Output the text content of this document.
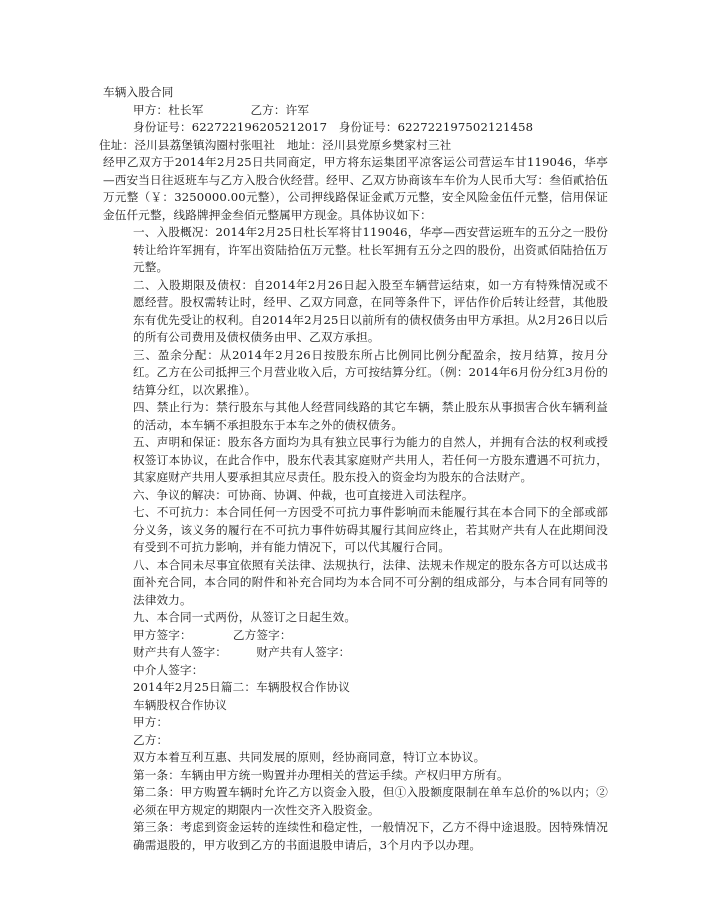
车辆入股合同

甲方：杜长军　　　　乙方：许军

身份证号：622722196205212017　身份证号：622722197502121458

住址：泾川县荔堡镇沟圈村张咀社　地址：泾川县党原乡樊家村三社

经甲乙双方于2014年2月25日共同商定，甲方将东运集团平凉客运公司营运车甘119046，华亭—西安当日往返班车与乙方入股合伙经营。经甲、乙双方协商该车车价为人民币大写：叁佰貳拾伍万元整（￥：3250000.00元整），公司押线路保证金貳万元整，安全风险金伍仟元整，信用保证金伍仟元整，线路牌押金叁佰元整属甲方现金。具体协议如下：

一、入股概况：2014年2月25日杜长军将甘119046，华亭—西安营运班车的五分之一股份转让给许军拥有，许军出资陆拾伍万元整。杜长军拥有五分之四的股份，出资贰佰陆拾伍万元整。

二、入股期限及债权：自2014年2月26日起入股至车辆营运结束，如一方有特殊情况或不愿经营。股权需转让时，经甲、乙双方同意，在同等条件下，评估作价后转让经营，其他股东有优先受让的权利。自2014年2月25日以前所有的债权债务由甲方承担。从2月26日以后的所有公司费用及债权债务由甲、乙双方承担。

三、盈余分配：从2014年2月26日按股东所占比例同比例分配盈余，按月结算，按月分红。乙方在公司抵押三个月营业收入后，方可按结算分红。（例：2014年6月份分红3月份的结算分红，以次累推）。

四、禁止行为：禁行股东与其他人经营同线路的其它车辆，禁止股东从事损害合伙车辆利益的活动，本车辆不承担股东于本车之外的债权债务。

五、声明和保证：股东各方面均为具有独立民事行为能力的自然人，并拥有合法的权利或授权签订本协议，在此合作中，股东代表其家庭财产共用人，若任何一方股东遭遇不可抗力，其家庭财产共用人要承担其应尽责任。股东投入的资金均为股东的合法财产。

六、争议的解决：可协商、协调、仲裁，也可直接进入司法程序。

七、不可抗力：本合同任何一方因受不可抗力事件影响而未能履行其在本合同下的全部或部分义务，该义务的履行在不可抗力事件妨碍其履行其间应终止，若其财产共有人在此期间没有受到不可抗力影响，并有能力情况下，可以代其履行合同。

八、本合同未尽事宜依照有关法律、法规执行，法律、法规未作规定的股东各方可以达成书面补充合同，本合同的附件和补充合同均为本合同不可分割的组成部分，与本合同有同等的法律效力。

九、本合同一式两份，从签订之日起生效。

甲方签字：　　　　乙方签字：

财产共有人签字：　　　财产共有人签字：

中介人签字：

2014年2月25日篇二：车辆股权合作协议

车辆股权合作协议

甲方：

乙方：

双方本着互利互惠、共同发展的原则，经协商同意，特订立本协议。

第一条：车辆由甲方统一购置并办理相关的营运手续。产权归甲方所有。

第二条：甲方购置车辆时允许乙方以资金入股，但①入股额度限制在单车总价的%以内；②必须在甲方规定的期限内一次性交齐入股资金。

第三条：考虑到资金运转的连续性和稳定性，一般情况下，乙方不得中途退股。因特殊情况确需退股的，甲方收到乙方的书面退股申请后，3个月内予以办理。
